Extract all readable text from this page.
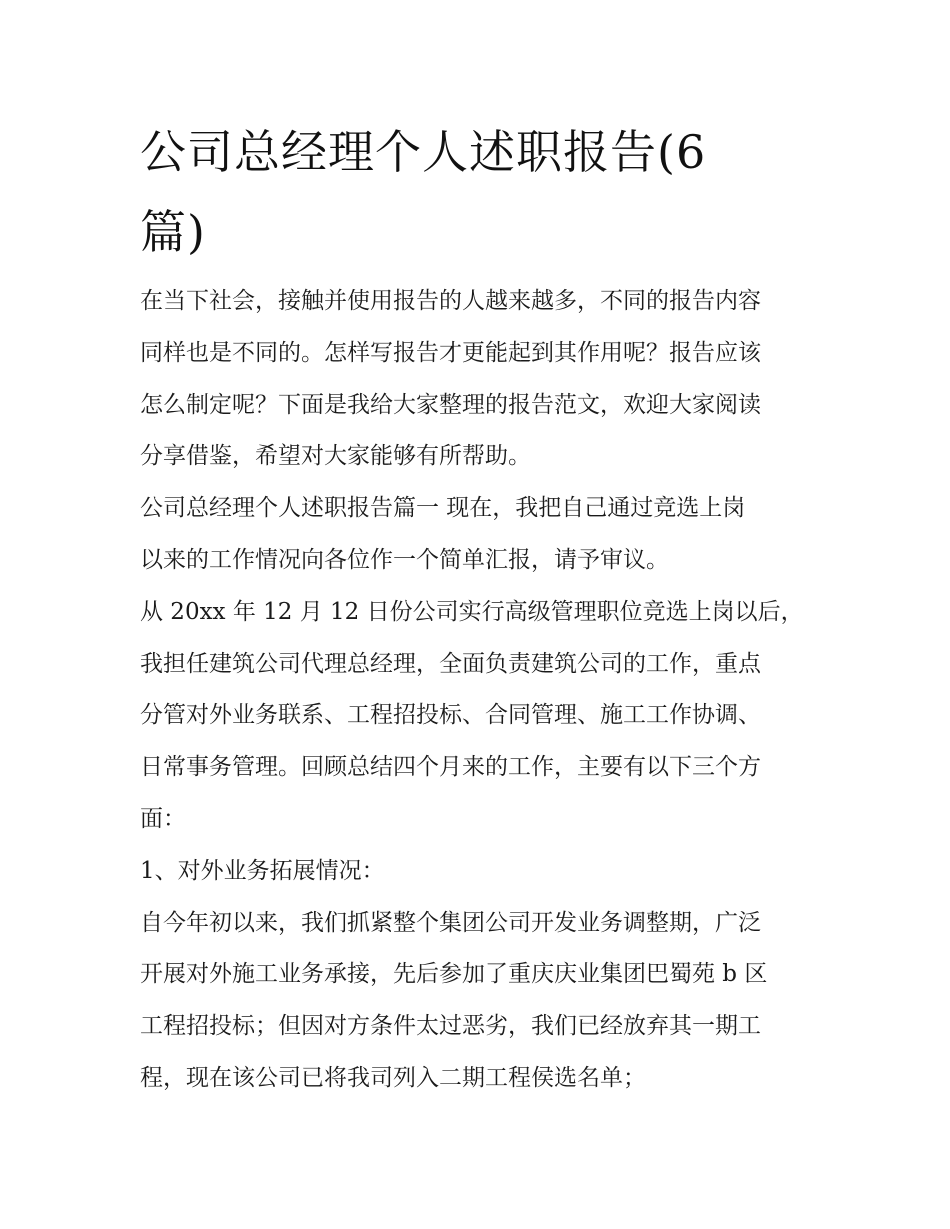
公司总经理个人述职报告(6
篇)
在当下社会，接触并使用报告的人越来越多，不同的报告内容
同样也是不同的。怎样写报告才更能起到其作用呢？报告应该
怎么制定呢？下面是我给大家整理的报告范文，欢迎大家阅读
分享借鉴，希望对大家能够有所帮助。
公司总经理个人述职报告篇一 现在，我把自己通过竞选上岗
以来的工作情况向各位作一个简单汇报，请予审议。
从 20xx 年 12 月 12 日份公司实行高级管理职位竞选上岗以后，
我担任建筑公司代理总经理，全面负责建筑公司的工作，重点
分管对外业务联系、工程招投标、合同管理、施工工作协调、
日常事务管理。回顾总结四个月来的工作，主要有以下三个方
面：
1、对外业务拓展情况：
自今年初以来，我们抓紧整个集团公司开发业务调整期，广泛
开展对外施工业务承接，先后参加了重庆庆业集团巴蜀苑 b 区
工程招投标；但因对方条件太过恶劣，我们已经放弃其一期工
程，现在该公司已将我司列入二期工程侯选名单；
